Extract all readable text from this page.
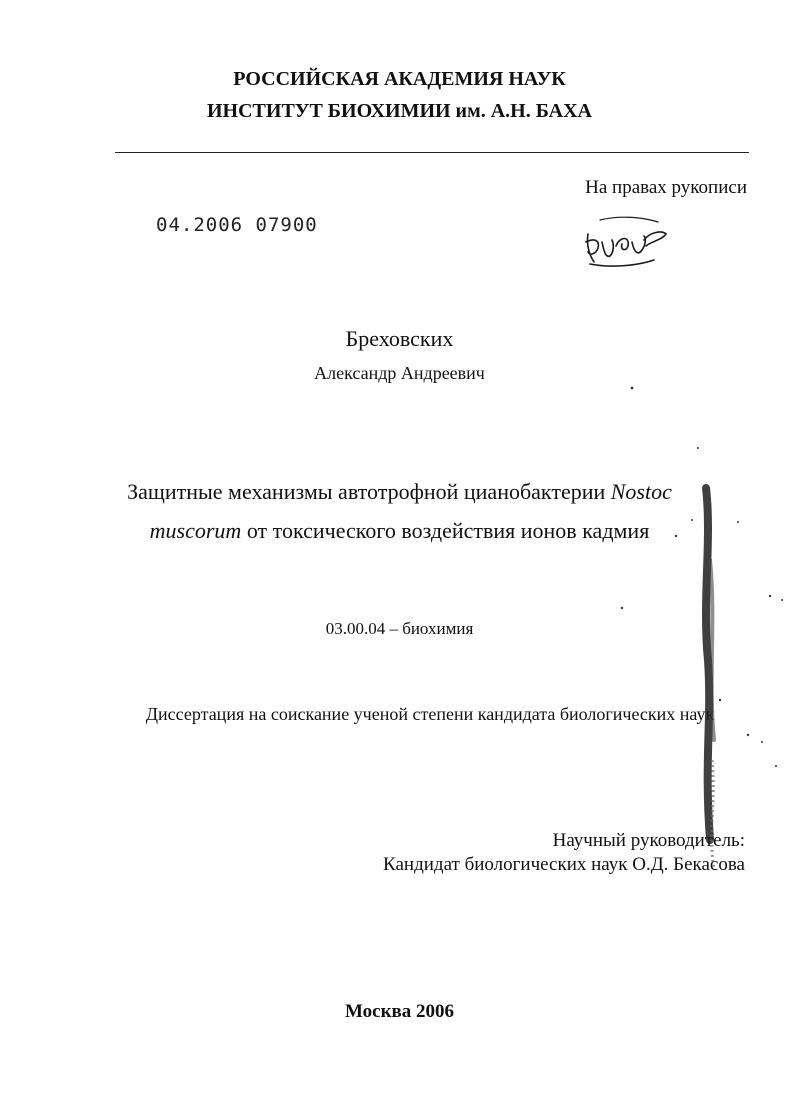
РОССИЙСКАЯ АКАДЕМИЯ НАУК
ИНСТИТУТ БИОХИМИИ им. А.Н. БАХА
На правах рукописи
04.2006 07900
Бреховских
Александр Андреевич
Защитные механизмы автотрофной цианобактерии Nostoc
muscorum от токсического воздействия ионов кадмия
03.00.04 – биохимия
Диссертация на соискание ученой степени кандидата биологических наук
Научный руководитель:
Кандидат биологических наук О.Д. Бекасова
Москва 2006
